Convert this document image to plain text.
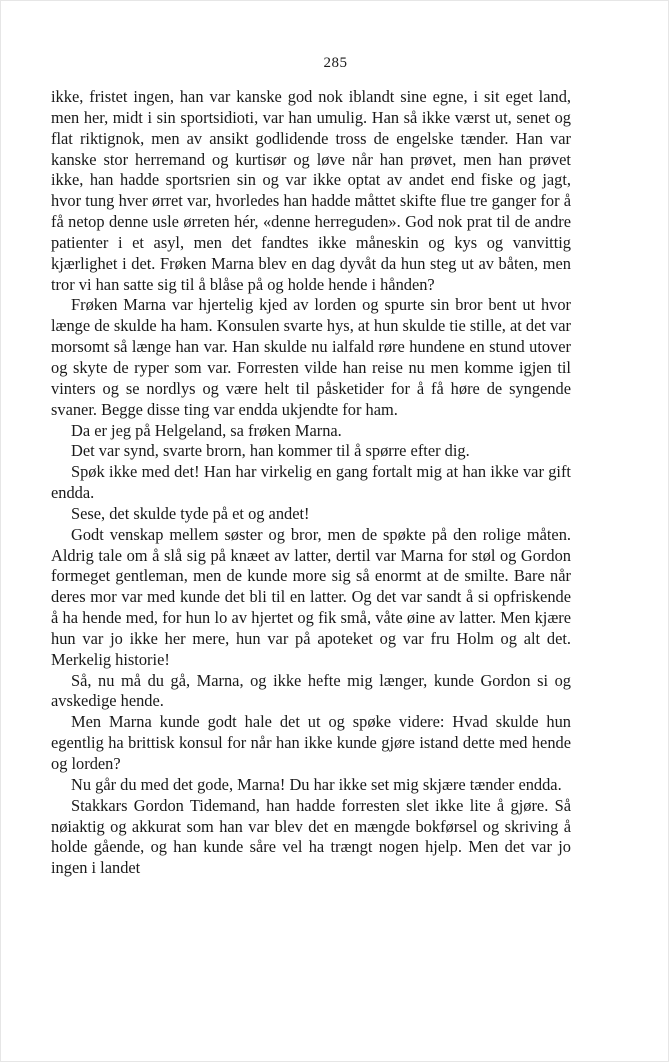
285

ikke, fristet ingen, han var kanske god nok iblandt sine egne, i sit eget land, men her, midt i sin sportsidioti, var han umulig. Han så ikke værst ut, senet og flat riktignok, men av ansikt godlidende tross de engelske tænder. Han var kanske stor herremand og kurtisør og løve når han prøvet, men han prøvet ikke, han hadde sportsrien sin og var ikke optat av andet end fiske og jagt, hvor tung hver ørret var, hvorledes han hadde måttet skifte flue tre ganger for å få netop denne usle ørreten hér, «denne herreguden». God nok prat til de andre patienter i et asyl, men det fandtes ikke måneskin og kys og vanvittig kjærlighet i det. Frøken Marna blev en dag dyvåt da hun steg ut av båten, men tror vi han satte sig til å blåse på og holde hende i hånden?

Frøken Marna var hjertelig kjed av lorden og spurte sin bror bent ut hvor længe de skulde ha ham. Konsulen svarte hys, at hun skulde tie stille, at det var morsomt så længe han var. Han skulde nu ialfald røre hundene en stund utover og skyte de ryper som var. Forresten vilde han reise nu men komme igjen til vinters og se nordlys og være helt til påsketider for å få høre de syngende svaner. Begge disse ting var endda ukjendte for ham.

Da er jeg på Helgeland, sa frøken Marna.

Det var synd, svarte brorn, han kommer til å spørre efter dig.

Spøk ikke med det! Han har virkelig en gang fortalt mig at han ikke var gift endda.

Sese, det skulde tyde på et og andet!

Godt venskap mellem søster og bror, men de spøkte på den rolige måten. Aldrig tale om å slå sig på knæet av latter, dertil var Marna for støl og Gordon formeget gentleman, men de kunde more sig så enormt at de smilte. Bare når deres mor var med kunde det bli til en latter. Og det var sandt å si opfriskende å ha hende med, for hun lo av hjertet og fik små, våte øine av latter. Men kjære hun var jo ikke her mere, hun var på apoteket og var fru Holm og alt det. Merkelig historie!

Så, nu må du gå, Marna, og ikke hefte mig længer, kunde Gordon si og avskedige hende.

Men Marna kunde godt hale det ut og spøke videre: Hvad skulde hun egentlig ha brittisk konsul for når han ikke kunde gjøre istand dette med hende og lorden?

Nu går du med det gode, Marna! Du har ikke set mig skjære tænder endda.

Stakkars Gordon Tidemand, han hadde forresten slet ikke lite å gjøre. Så nøiaktig og akkurat som han var blev det en mængde bokførsel og skriving å holde gående, og han kunde såre vel ha trængt nogen hjelp. Men det var jo ingen i landet
